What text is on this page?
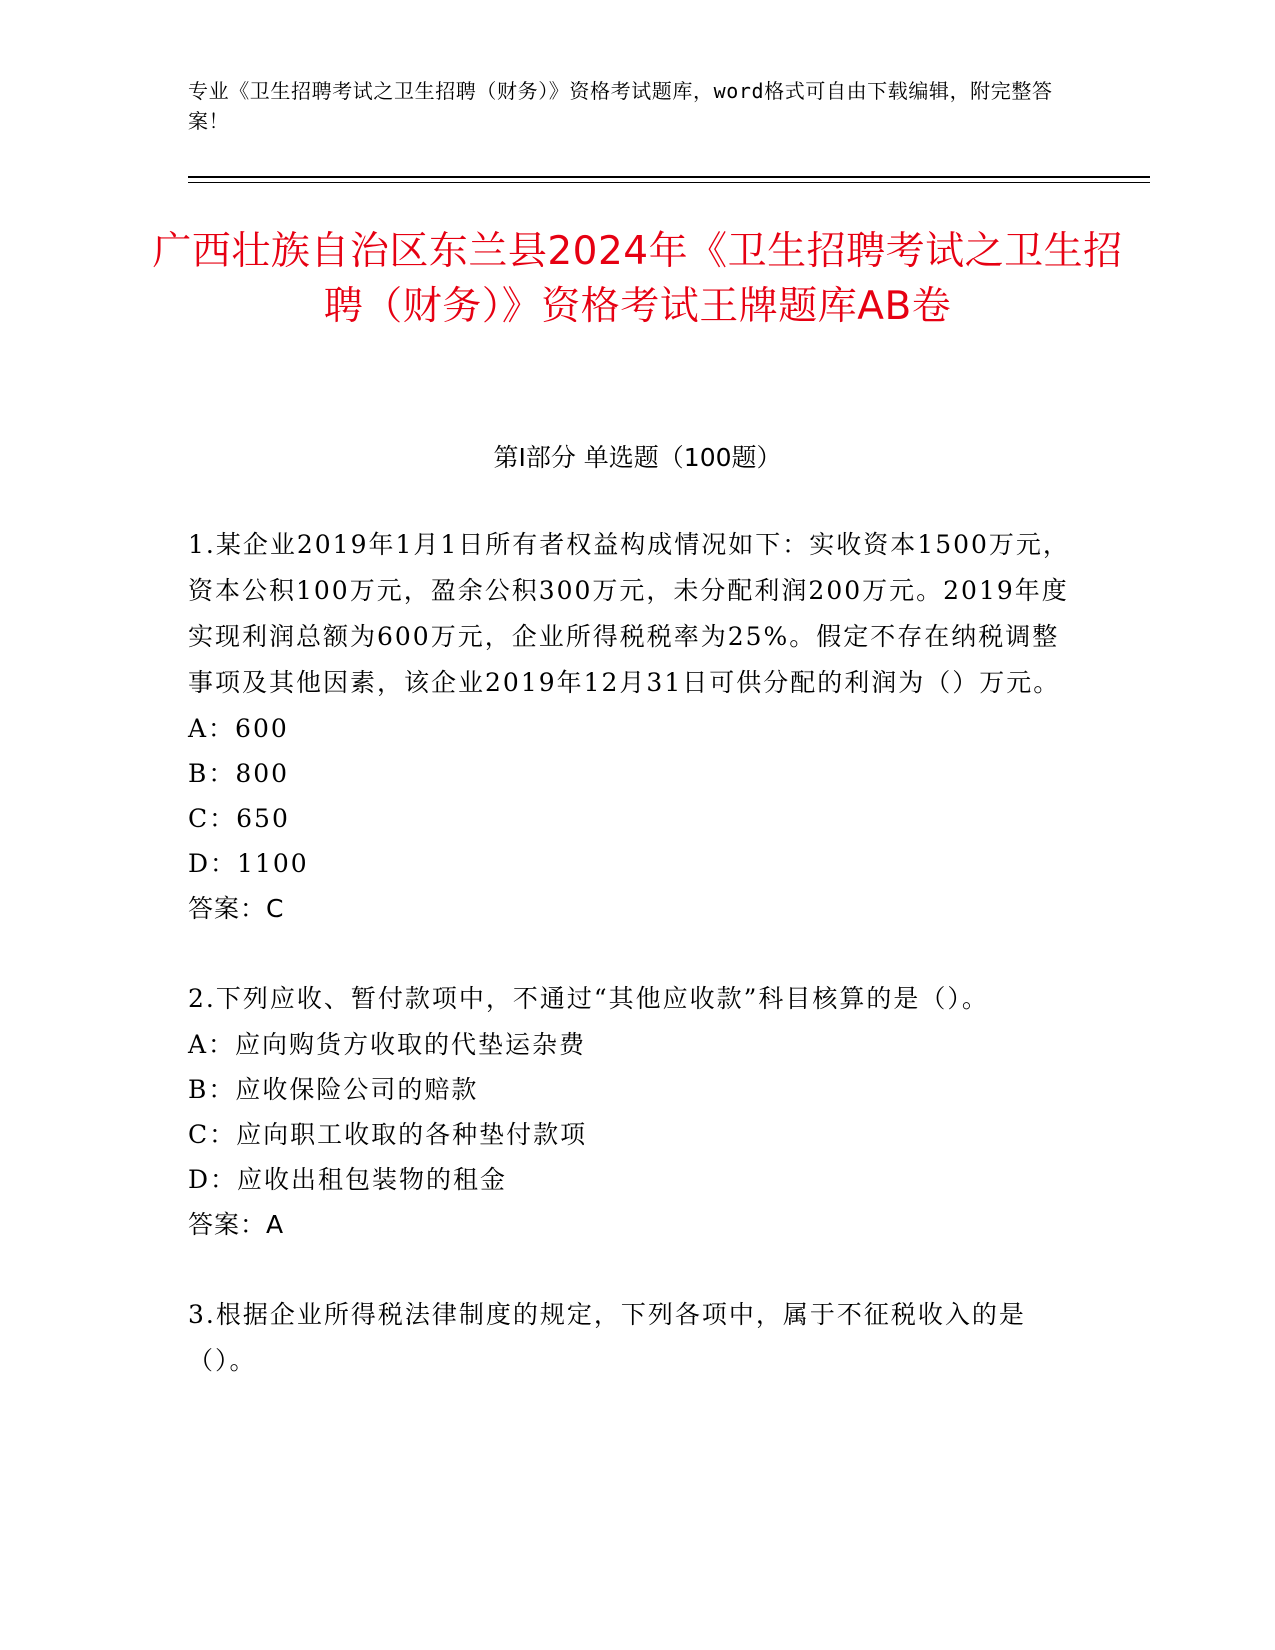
专业《卫生招聘考试之卫生招聘（财务）》资格考试题库，word格式可自由下载编辑，附完整答案！
广西壮族自治区东兰县2024年《卫生招聘考试之卫生招聘（财务）》资格考试王牌题库AB卷
第Ⅰ部分 单选题（100题）
1.某企业2019年1月1日所有者权益构成情况如下：实收资本1500万元，资本公积100万元，盈余公积300万元，未分配利润200万元。2019年度实现利润总额为600万元，企业所得税税率为25%。假定不存在纳税调整事项及其他因素，该企业2019年12月31日可供分配的利润为（）万元。
A：600
B：800
C：650
D：1100
答案：C
2.下列应收、暂付款项中，不通过“其他应收款”科目核算的是（）。
A：应向购货方收取的代垫运杂费
B：应收保险公司的赔款
C：应向职工收取的各种垫付款项
D：应收出租包装物的租金
答案：A
3.根据企业所得税法律制度的规定，下列各项中，属于不征税收入的是（）。
